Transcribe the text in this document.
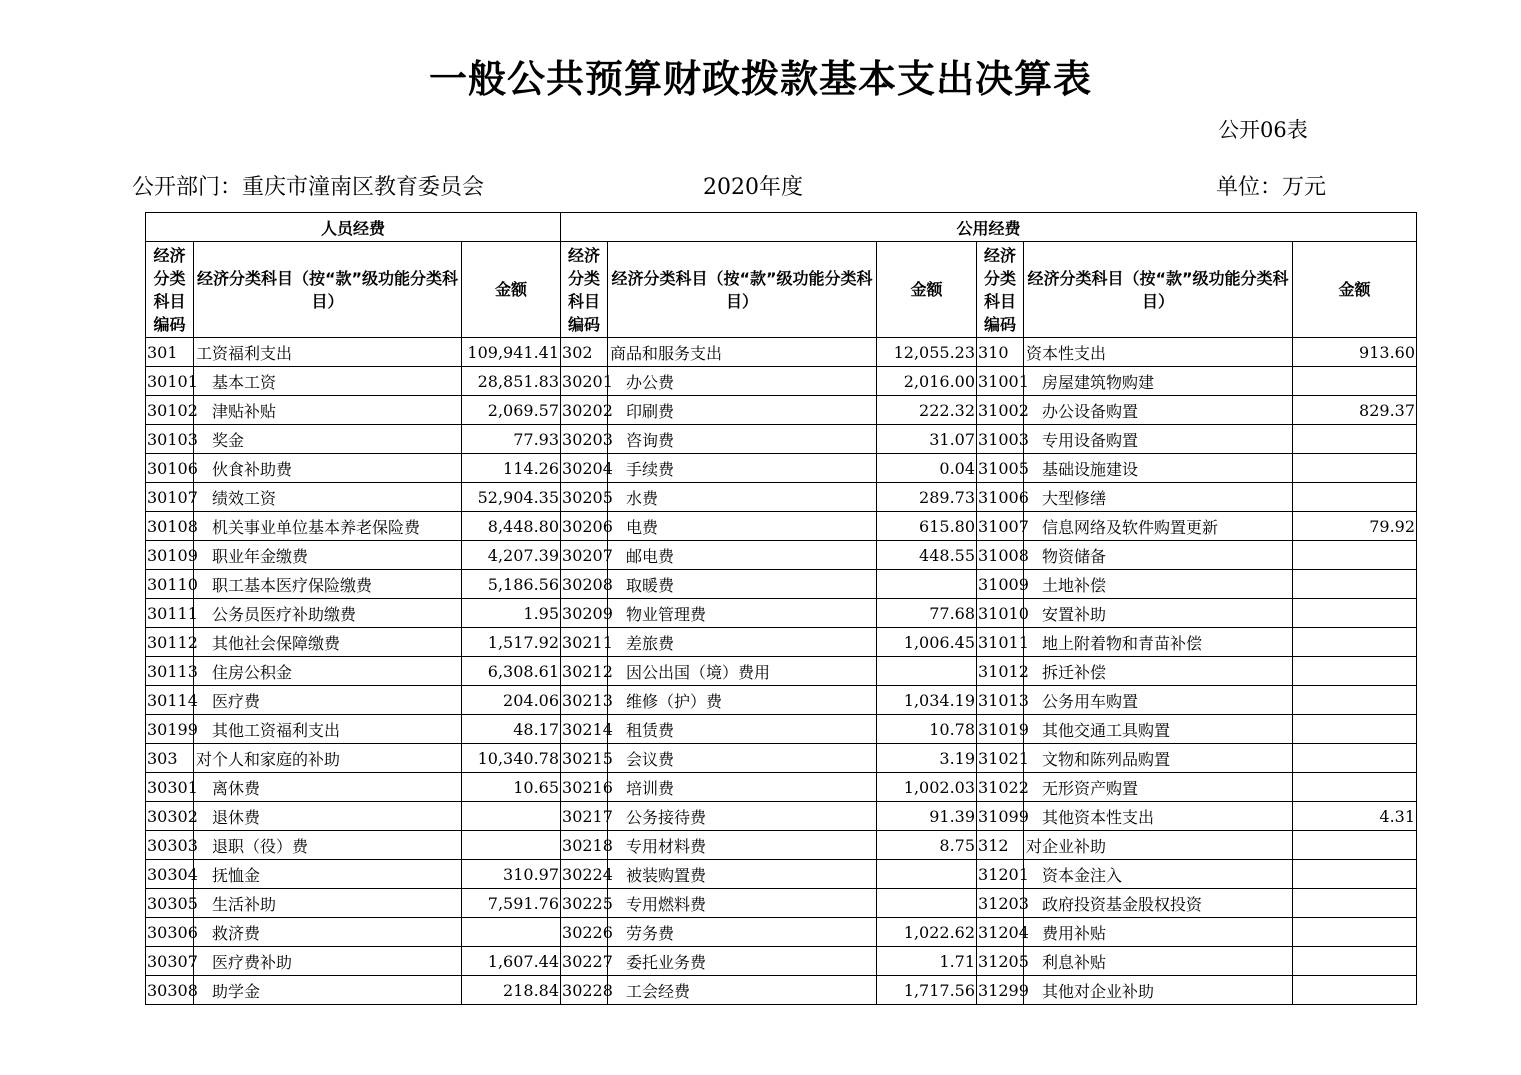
一般公共预算财政拨款基本支出决算表
公开06表
公开部门：重庆市潼南区教育委员会	2020年度	单位：万元
人员经费			公用经费					
经济分类科目编码	经济分类科目（按“款”级功能分类科目）	金额	经济分类科目编码	经济分类科目（按“款”级功能分类科目）	金额	经济分类科目编码	经济分类科目（按“款”级功能分类科目）	金额
301	工资福利支出	109,941.41	302	商品和服务支出	12,055.23	310	资本性支出	913.60
30101	基本工资	28,851.83	30201	办公费	2,016.00	31001	房屋建筑物购建	
30102	津贴补贴	2,069.57	30202	印刷费	222.32	31002	办公设备购置	829.37
30103	奖金	77.93	30203	咨询费	31.07	31003	专用设备购置	
30106	伙食补助费	114.26	30204	手续费	0.04	31005	基础设施建设	
30107	绩效工资	52,904.35	30205	水费	289.73	31006	大型修缮	
30108	机关事业单位基本养老保险费	8,448.80	30206	电费	615.80	31007	信息网络及软件购置更新	79.92
30109	职业年金缴费	4,207.39	30207	邮电费	448.55	31008	物资储备	
30110	职工基本医疗保险缴费	5,186.56	30208	取暖费		31009	土地补偿	
30111	公务员医疗补助缴费	1.95	30209	物业管理费	77.68	31010	安置补助	
30112	其他社会保障缴费	1,517.92	30211	差旅费	1,006.45	31011	地上附着物和青苗补偿	
30113	住房公积金	6,308.61	30212	因公出国（境）费用		31012	拆迁补偿	
30114	医疗费	204.06	30213	维修（护）费	1,034.19	31013	公务用车购置	
30199	其他工资福利支出	48.17	30214	租赁费	10.78	31019	其他交通工具购置	
303	对个人和家庭的补助	10,340.78	30215	会议费	3.19	31021	文物和陈列品购置	
30301	离休费	10.65	30216	培训费	1,002.03	31022	无形资产购置	
30302	退休费		30217	公务接待费	91.39	31099	其他资本性支出	4.31
30303	退职（役）费		30218	专用材料费	8.75	312	对企业补助	
30304	抚恤金	310.97	30224	被装购置费		31201	资本金注入	
30305	生活补助	7,591.76	30225	专用燃料费		31203	政府投资基金股权投资	
30306	救济费		30226	劳务费	1,022.62	31204	费用补贴	
30307	医疗费补助	1,607.44	30227	委托业务费	1.71	31205	利息补贴	
30308	助学金	218.84	30228	工会经费	1,717.56	31299	其他对企业补助	
